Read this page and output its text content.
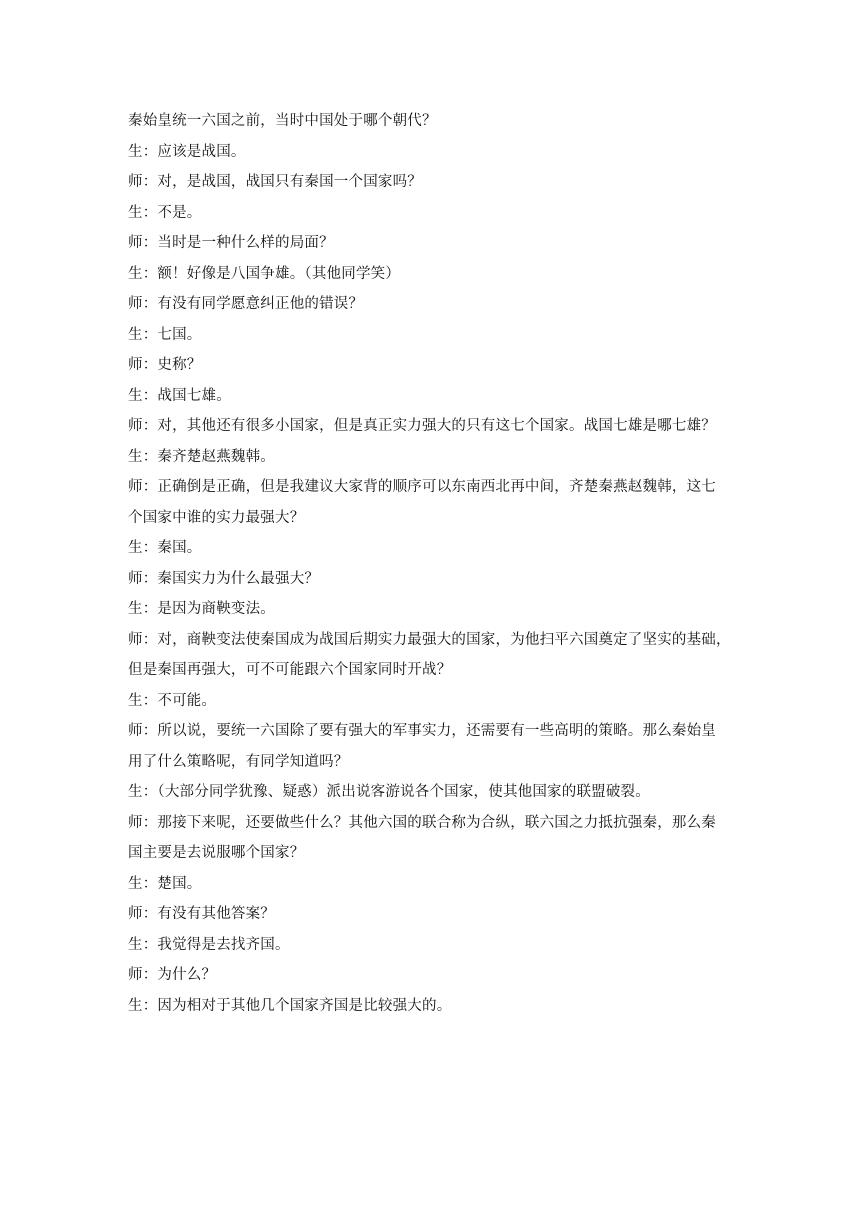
秦始皇统一六国之前，当时中国处于哪个朝代？
生：应该是战国。
师：对，是战国，战国只有秦国一个国家吗？
生：不是。
师：当时是一种什么样的局面？
生：额！好像是八国争雄。（其他同学笑）
师：有没有同学愿意纠正他的错误？
生：七国。
师：史称？
生：战国七雄。
师：对，其他还有很多小国家，但是真正实力强大的只有这七个国家。战国七雄是哪七雄？
生：秦齐楚赵燕魏韩。
师：正确倒是正确，但是我建议大家背的顺序可以东南西北再中间，齐楚秦燕赵魏韩，这七
个国家中谁的实力最强大？
生：秦国。
师：秦国实力为什么最强大？
生：是因为商鞅变法。
师：对，商鞅变法使秦国成为战国后期实力最强大的国家，为他扫平六国奠定了坚实的基础，
但是秦国再强大，可不可能跟六个国家同时开战？
生：不可能。
师：所以说，要统一六国除了要有强大的军事实力，还需要有一些高明的策略。那么秦始皇
用了什么策略呢，有同学知道吗？
生：（大部分同学犹豫、疑惑）派出说客游说各个国家，使其他国家的联盟破裂。
师：那接下来呢，还要做些什么？其他六国的联合称为合纵，联六国之力抵抗强秦，那么秦
国主要是去说服哪个国家？
生：楚国。
师：有没有其他答案？
生：我觉得是去找齐国。
师：为什么？
生：因为相对于其他几个国家齐国是比较强大的。
